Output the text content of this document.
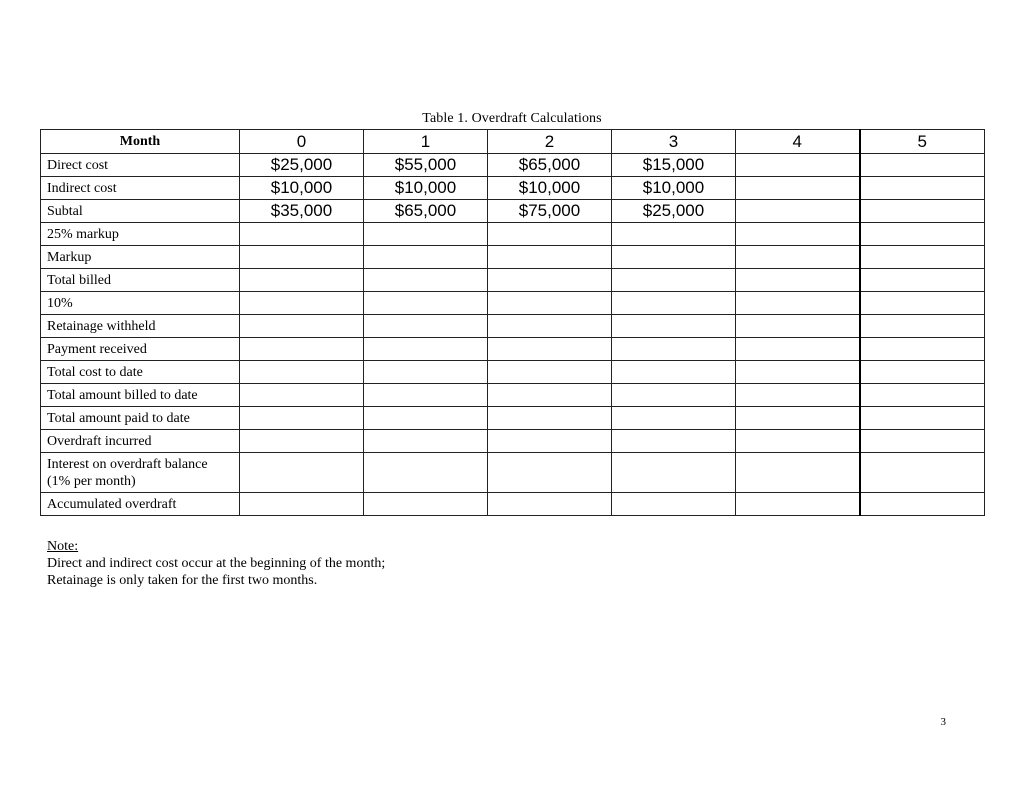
Table 1. Overdraft Calculations
Month	0	1	2	3	4	5
Direct cost	$25,000	$55,000	$65,000	$15,000		
Indirect cost	$10,000	$10,000	$10,000	$10,000		
Subtal	$35,000	$65,000	$75,000	$25,000		
25% markup						
Markup						
Total billed						
10%						
Retainage withheld						
Payment received						
Total cost to date						
Total amount billed to date						
Total amount paid to date						
Overdraft incurred						
Interest on overdraft balance (1% per month)						
Accumulated overdraft						
Note:
Direct and indirect cost occur at the beginning of the month;
Retainage is only taken for the first two months.
3
